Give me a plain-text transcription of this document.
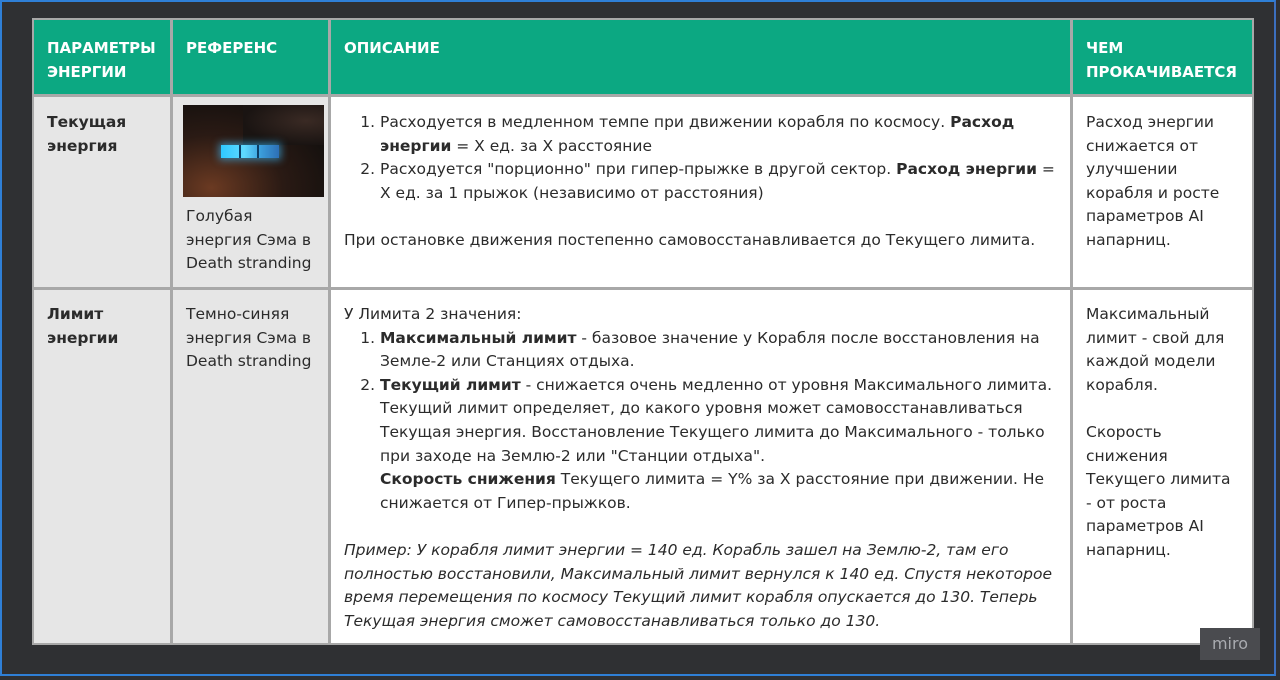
ПАРАМЕТРЫ ЭНЕРГИИ
РЕФЕРЕНС	ОПИСАНИЕ	ЧЕМ ПРОКАЧИВАЕТСЯ
Текущая энергия
Голубая энергия Сэма в Death stranding
1. Расходуется в медленном темпе при движении корабля по космосу. Расход энергии = Х ед. за Х расстояние
2. Расходуется "порционно" при гипер-прыжке в другой сектор. Расход энергии = Х ед. за 1 прыжок (независимо от расстояния)

При остановке движения постепенно самовосстанавливается до Текущего лимита.

Расход энергии снижается от улучшении корабля и росте параметров AI напарниц.
Лимит энергии
Темно-синяя энергия Сэма в Death stranding

У Лимита 2 значения:

1. Максимальный лимит - базовое значение у Корабля после восстановления на Земле-2 или Станциях отдыха.
2. Текущий лимит - снижается очень медленно от уровня Максимального лимита. Текущий лимит определяет, до какого уровня может самовосстанавливаться Текущая энергия. Восстановление Текущего лимита до Максимального - только при заходе на Землю-2 или "Станции отдыха".
Скорость снижения Текущего лимита = Y% за Х расстояние при движении. Не снижается от Гипер-прыжков.

Пример: У корабля лимит энергии = 140 ед. Корабль зашел на Землю-2, там его полностью восстановили, Максимальный лимит вернулся к 140 ед. Спустя некоторое время перемещения по космосу Текущий лимит корабля опускается до 130. Теперь Текущая энергия сможет самовосстанавливаться только до 130.

Максимальный лимит - свой для каждой модели корабля.

Скорость снижения Текущего лимита - от роста параметров AI напарниц.

miro
